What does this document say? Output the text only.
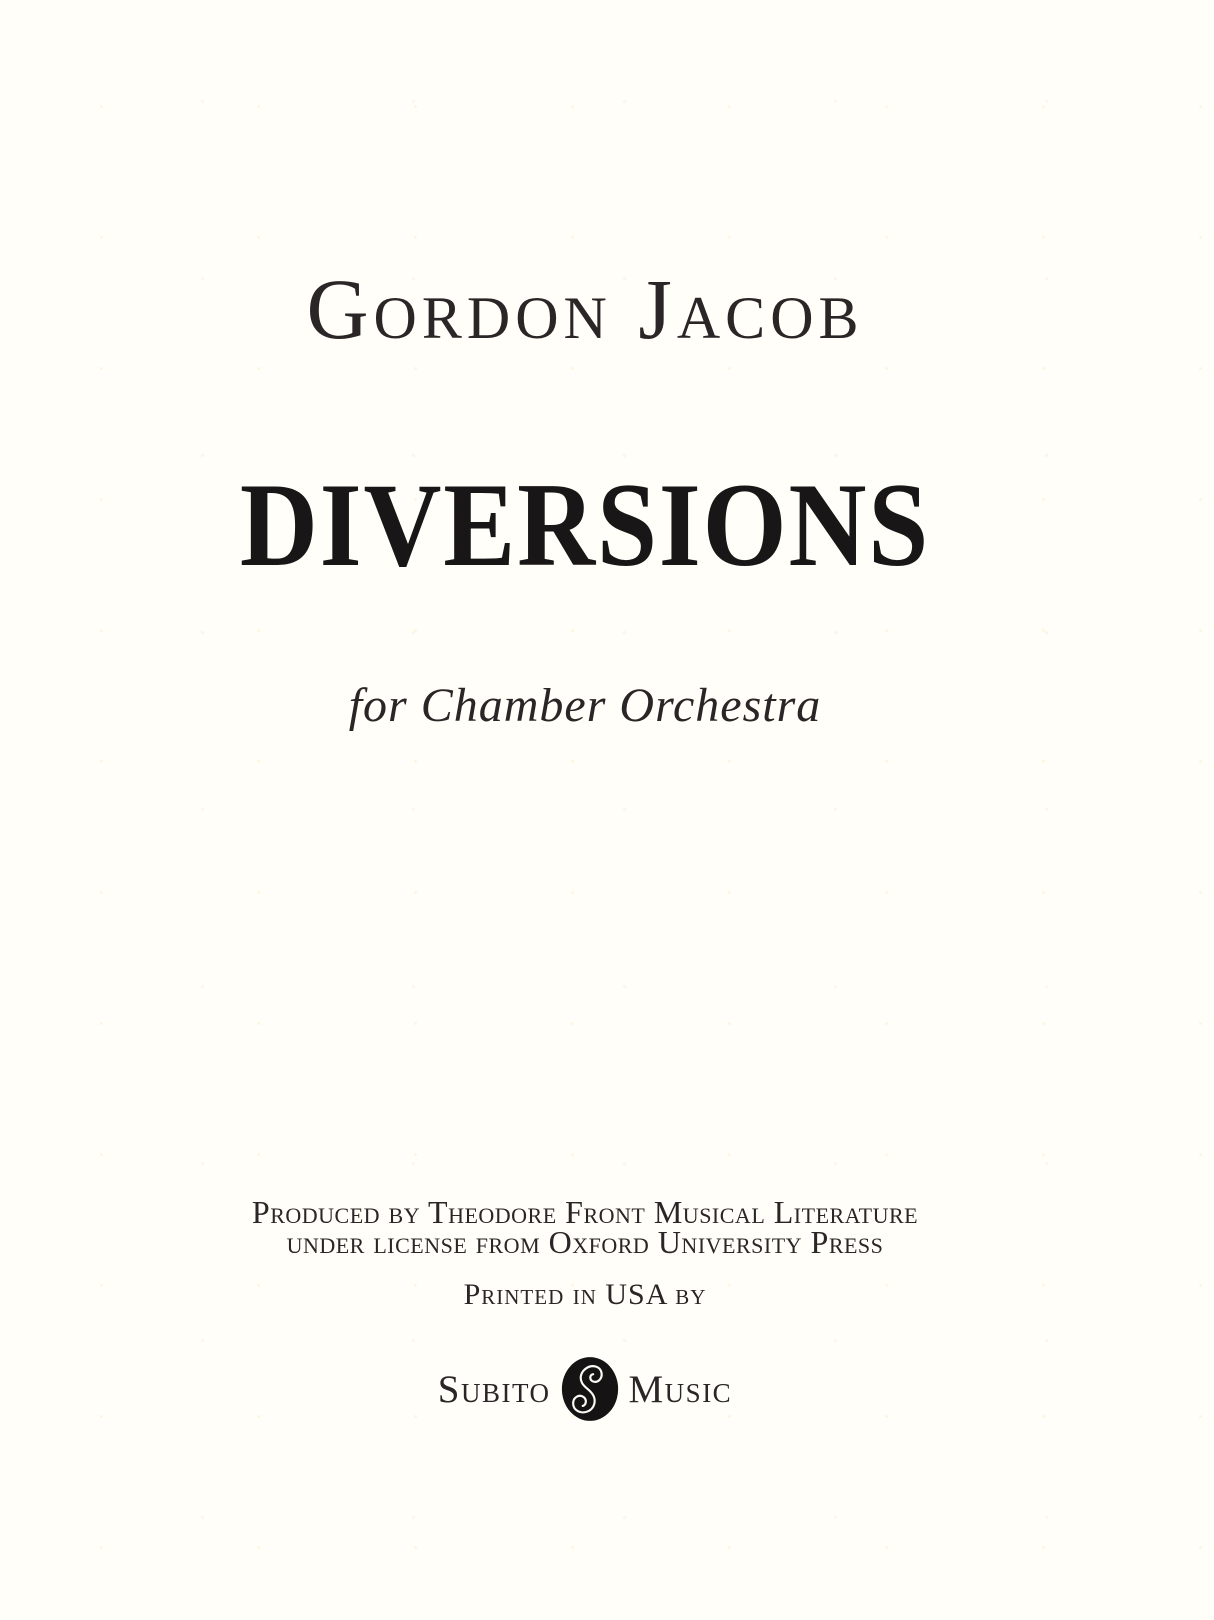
Gordon Jacob
DIVERSIONS
for Chamber Orchestra
Produced by Theodore Front Musical Literature
under license from Oxford University Press
Printed in USA by
Subito Music
